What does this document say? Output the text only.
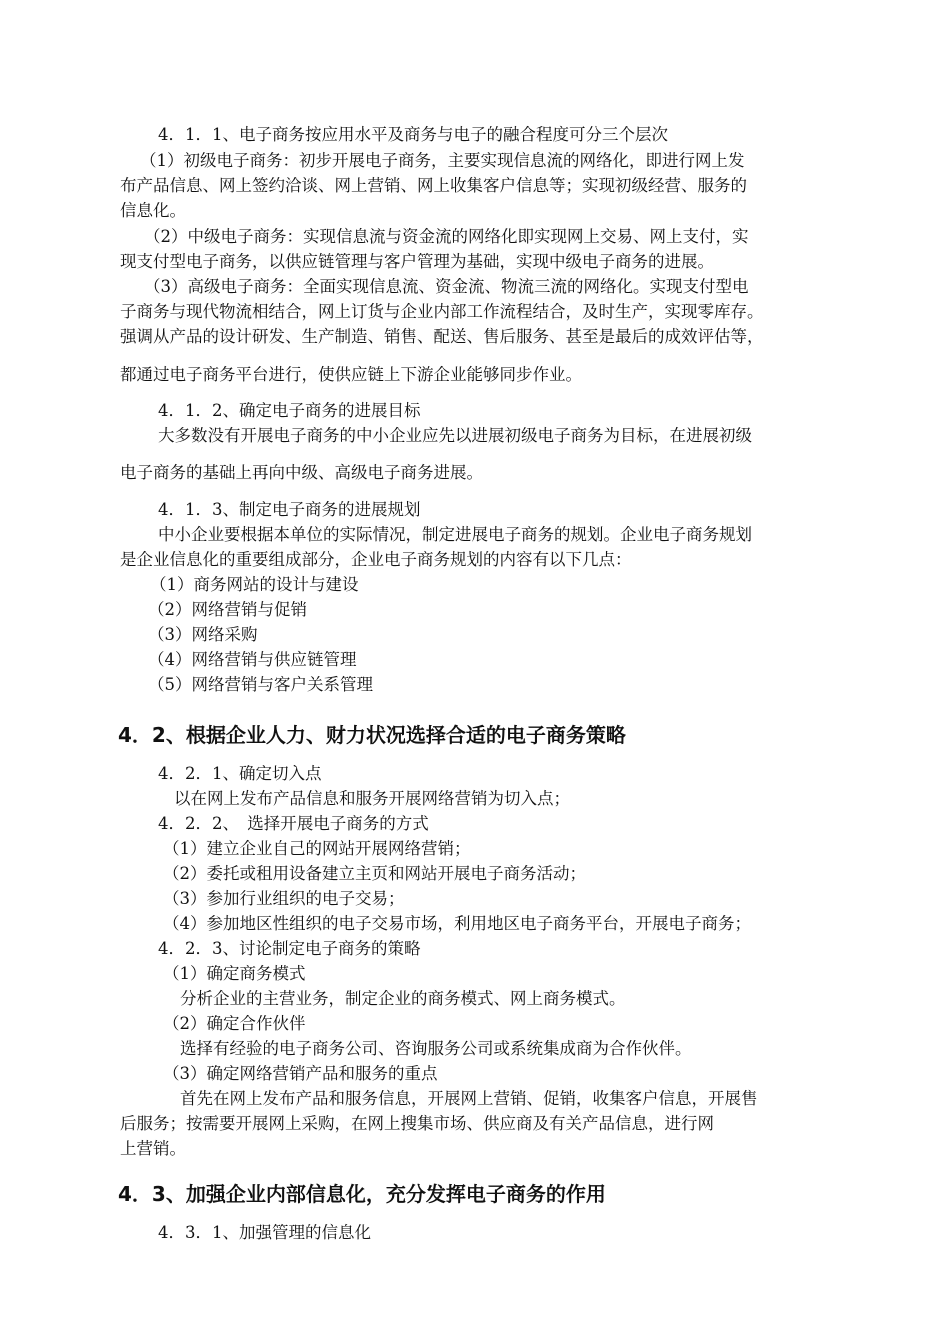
4．1．1、电子商务按应用水平及商务与电子的融合程度可分三个层次
（1）初级电子商务：初步开展电子商务，主要实现信息流的网络化，即进行网上发
布产品信息、网上签约洽谈、网上营销、网上收集客户信息等；实现初级经营、服务的
信息化。
（2）中级电子商务：实现信息流与资金流的网络化即实现网上交易、网上支付，实
现支付型电子商务，以供应链管理与客户管理为基础，实现中级电子商务的进展。
（3）高级电子商务：全面实现信息流、资金流、物流三流的网络化。实现支付型电
子商务与现代物流相结合，网上订货与企业内部工作流程结合，及时生产，实现零库存。
强调从产品的设计研发、生产制造、销售、配送、售后服务、甚至是最后的成效评估等，
都通过电子商务平台进行，使供应链上下游企业能够同步作业。
4．1．2、确定电子商务的进展目标
大多数没有开展电子商务的中小企业应先以进展初级电子商务为目标，在进展初级
电子商务的基础上再向中级、高级电子商务进展。
4．1．3、制定电子商务的进展规划
中小企业要根据本单位的实际情况，制定进展电子商务的规划。企业电子商务规划
是企业信息化的重要组成部分，企业电子商务规划的内容有以下几点：
（1）商务网站的设计与建设
（2）网络营销与促销
（3）网络采购
（4）网络营销与供应链管理
（5）网络营销与客户关系管理
4．2、根据企业人力、财力状况选择合适的电子商务策略
4．2．1、确定切入点
以在网上发布产品信息和服务开展网络营销为切入点；
4．2．2、　选择开展电子商务的方式
（1）建立企业自己的网站开展网络营销；
（2）委托或租用设备建立主页和网站开展电子商务活动；
（3）参加行业组织的电子交易；
（4）参加地区性组织的电子交易市场，利用地区电子商务平台，开展电子商务；
4．2．3、讨论制定电子商务的策略
（1）确定商务模式
分析企业的主营业务，制定企业的商务模式、网上商务模式。
（2）确定合作伙伴
选择有经验的电子商务公司、咨询服务公司或系统集成商为合作伙伴。
（3）确定网络营销产品和服务的重点
首先在网上发布产品和服务信息，开展网上营销、促销，收集客户信息，开展售
后服务；按需要开展网上采购，在网上搜集市场、供应商及有关产品信息，进行网
上营销。
4．3、加强企业内部信息化，充分发挥电子商务的作用
4．3．1、加强管理的信息化
